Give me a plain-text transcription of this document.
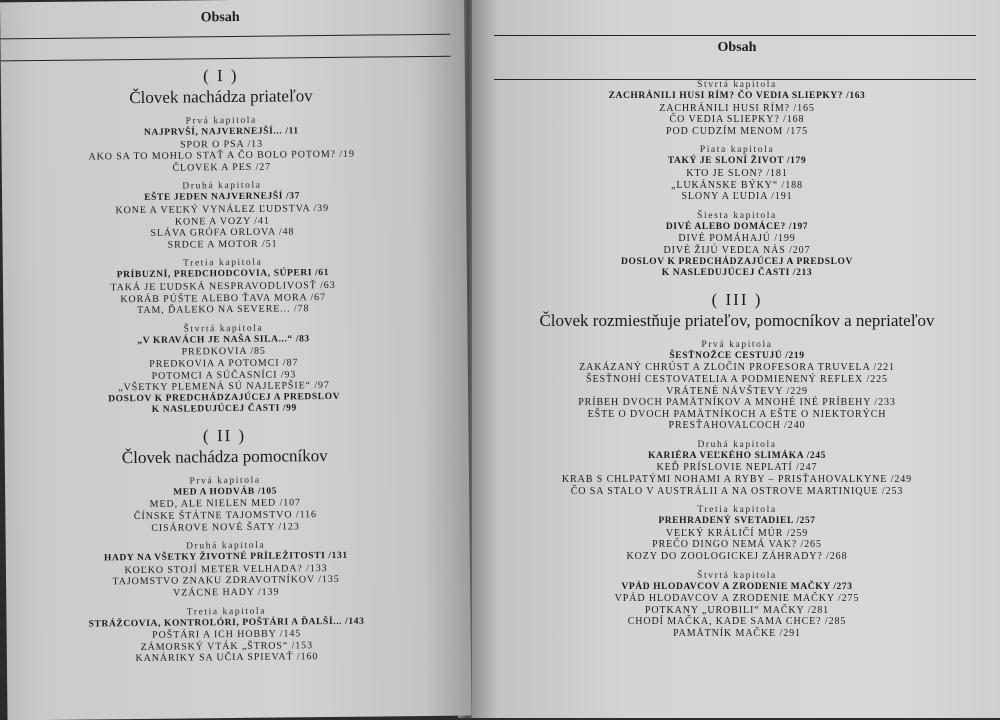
Obsah
( I )
Človek nachádza priateľov
Prvá kapitola
NAJPRVŠÍ, NAJVERNEJŠÍ... /11
SPOR O PSA /13
AKO SA TO MOHLO STAŤ A ČO BOLO POTOM? /19
ČLOVEK A PES /27
Druhá kapitola
EŠTE JEDEN NAJVERNEJŠÍ /37
KONE A VEĽKÝ VYNÁLEZ ĽUDSTVA /39
KONE A VOZY /41
SLÁVA GRÓFA ORLOVA /48
SRDCE A MOTOR /51
Tretia kapitola
PRÍBUZNÍ, PREDCHODCOVIA, SÚPERI /61
TAKÁ JE ĽUDSKÁ NESPRAVODLIVOSŤ /63
KORÁB PÚŠTE ALEBO ŤAVA MORA /67
TAM, ĎALEKO NA SEVERE... /78
Štvrtá kapitola
„V KRAVÁCH JE NAŠA SILA...“ /83
PREDKOVIA /85
PREDKOVIA A POTOMCI /87
POTOMCI A SÚČASNÍCI /93
„VŠETKY PLEMENÁ SÚ NAJLEPŠIE“ /97
DOSLOV K PREDCHÁDZAJÚCEJ A PREDSLOV
K NASLEDUJÚCEJ ČASTI /99
( II )
Človek nachádza pomocníkov
Prvá kapitola
MED A HODVÁB /105
MED, ALE NIELEN MED /107
ČÍNSKE ŠTÁTNE TAJOMSTVO /116
CISÁROVE NOVÉ ŠATY /123
Druhá kapitola
HADY NA VŠETKY ŽIVOTNÉ PRÍLEŽITOSTI /131
KOĽKO STOJÍ METER VELHADA? /133
TAJOMSTVO ZNAKU ZDRAVOTNÍKOV /135
VZÁCNE HADY /139
Tretia kapitola
STRÁŽCOVIA, KONTROLÓRI, POŠTÁRI A ĎALŠÍ... /143
POŠTÁRI A ICH HOBBY /145
ZÁMORSKÝ VTÁK „ŠTROS“ /153
KANÁRIKY SA UČIA SPIEVAŤ /160
Obsah
Štvrtá kapitola
ZACHRÁNILI HUSI RÍM? ČO VEDIA SLIEPKY? /163
ZACHRÁNILI HUSI RÍM? /165
ČO VEDIA SLIEPKY? /168
POD CUDZÍM MENOM /175
Piata kapitola
TAKÝ JE SLONÍ ŽIVOT /179
KTO JE SLON? /181
„LUKÁNSKE BÝKY“ /188
SLONY A ĽUDIA /191
Šiesta kapitola
DIVÉ ALEBO DOMÁCE? /197
DIVÉ POMÁHAJÚ /199
DIVÉ ŽIJÚ VEDĽA NÁS /207
DOSLOV K PREDCHÁDZAJÚCEJ A PREDSLOV
K NASLEDUJÚCEJ ČASTI /213
( III )
Človek rozmiestňuje priateľov, pomocníkov a nepriateľov
Prvá kapitola
ŠESŤNOŽCE CESTUJÚ /219
ZAKÁZANÝ CHRÚST A ZLOČIN PROFESORA TRUVELA /221
ŠESŤNOHÍ CESTOVATELIA A PODMIENENÝ REFLEX /225
VRÁTENÉ NÁVŠTEVY /229
PRÍBEH DVOCH PAMÄTNÍKOV A MNOHÉ INÉ PRÍBEHY /233
EŠTE O DVOCH PAMÄTNÍKOCH A EŠTE O NIEKTORÝCH
PRESŤAHOVALCOCH /240
Druhá kapitola
KARIÉRA VEĽKÉHO SLIMÁKA /245
KEĎ PRÍSLOVIE NEPLATÍ /247
KRAB S CHLPATÝMI NOHAMI A RYBY – PRISŤAHOVALKYNE /249
ČO SA STALO V AUSTRÁLII A NA OSTROVE MARTINIQUE /253
Tretia kapitola
PREHRADENÝ SVETADIEL /257
VEĽKÝ KRÁLIČÍ MÚR /259
PREČO DINGO NEMÁ VAK? /265
KOZY DO ZOOLOGICKEJ ZÁHRADY? /268
Štvrtá kapitola
VPÁD HLODAVCOV A ZRODENIE MAČKY /273
VPÁD HLODAVCOV A ZRODENIE MAČKY /275
POTKANY „UROBILI“ MAČKY /281
CHODÍ MAČKA, KADE SAMA CHCE? /285
PAMÄTNÍK MAČKE /291
